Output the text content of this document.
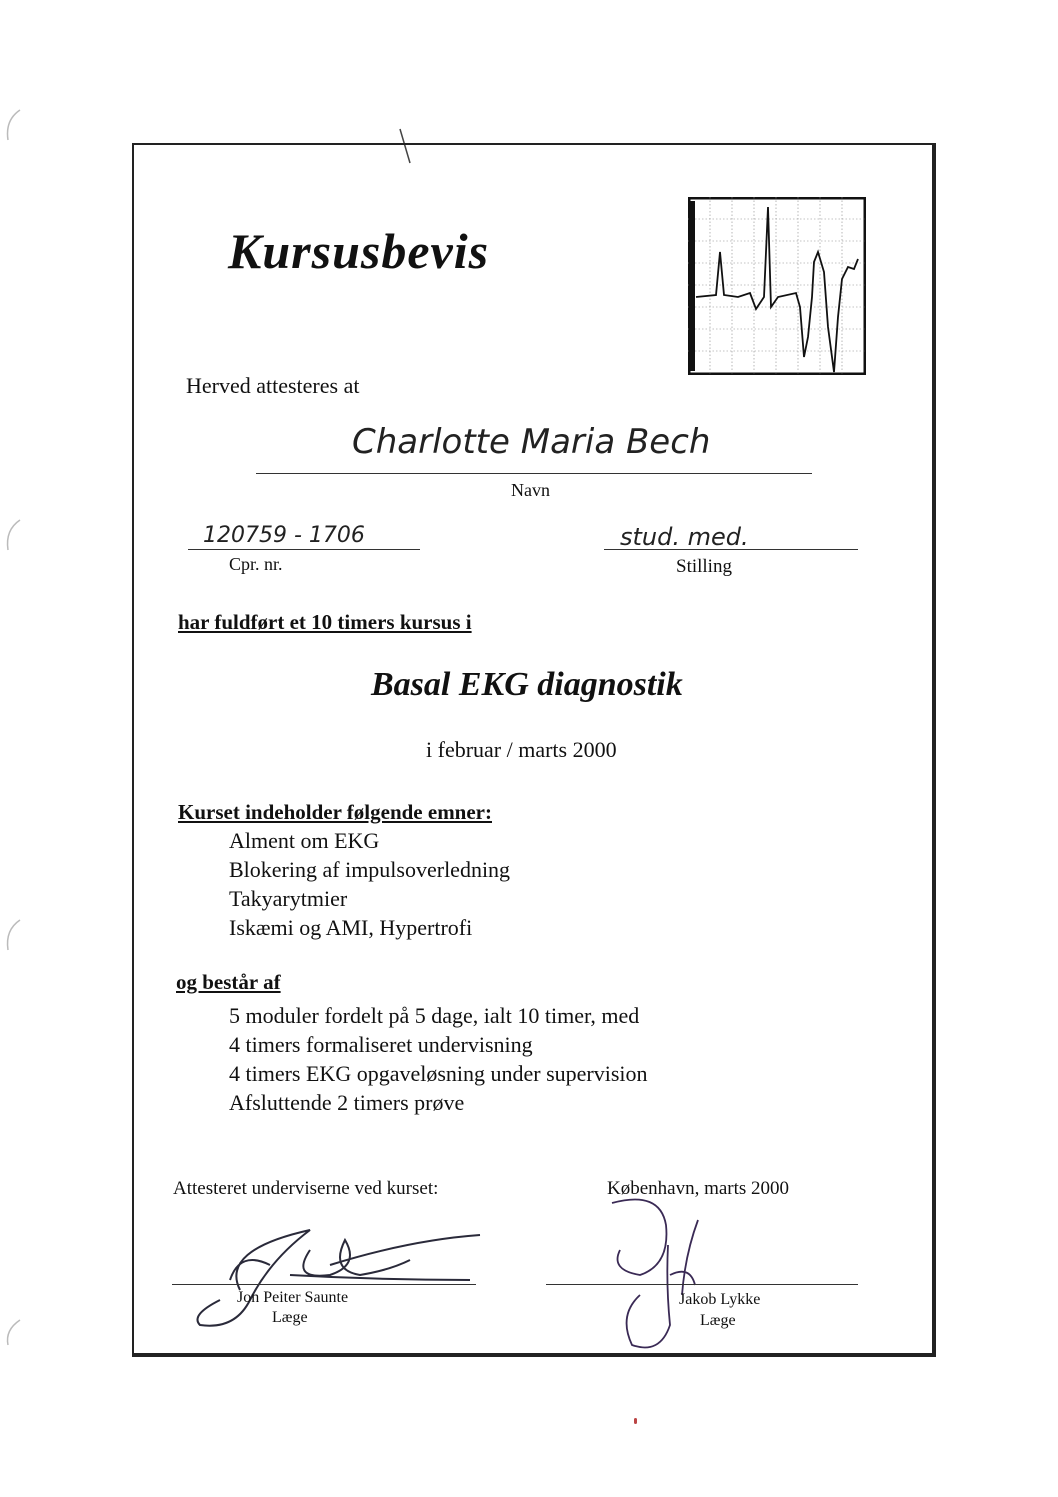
Kursusbevis
Herved attesteres at
Charlotte Maria Bech
Navn
120759 - 1706
Cpr. nr.
stud. med.
Stilling
har fuldført et 10 timers kursus i
Basal EKG diagnostik
i februar / marts 2000
Kurset indeholder følgende emner:
Alment om EKG
Blokering af impulsoverledning
Takyarytmier
Iskæmi og AMI, Hypertrofi
og består af
5 moduler fordelt på 5 dage, ialt 10 timer, med
4 timers formaliseret undervisning
4 timers EKG opgaveløsning under supervision
Afsluttende 2 timers prøve
Attesteret underviserne ved kurset:	København, marts 2000
Jon Peiter Saunte
Læge
Jakob Lykke
Læge
